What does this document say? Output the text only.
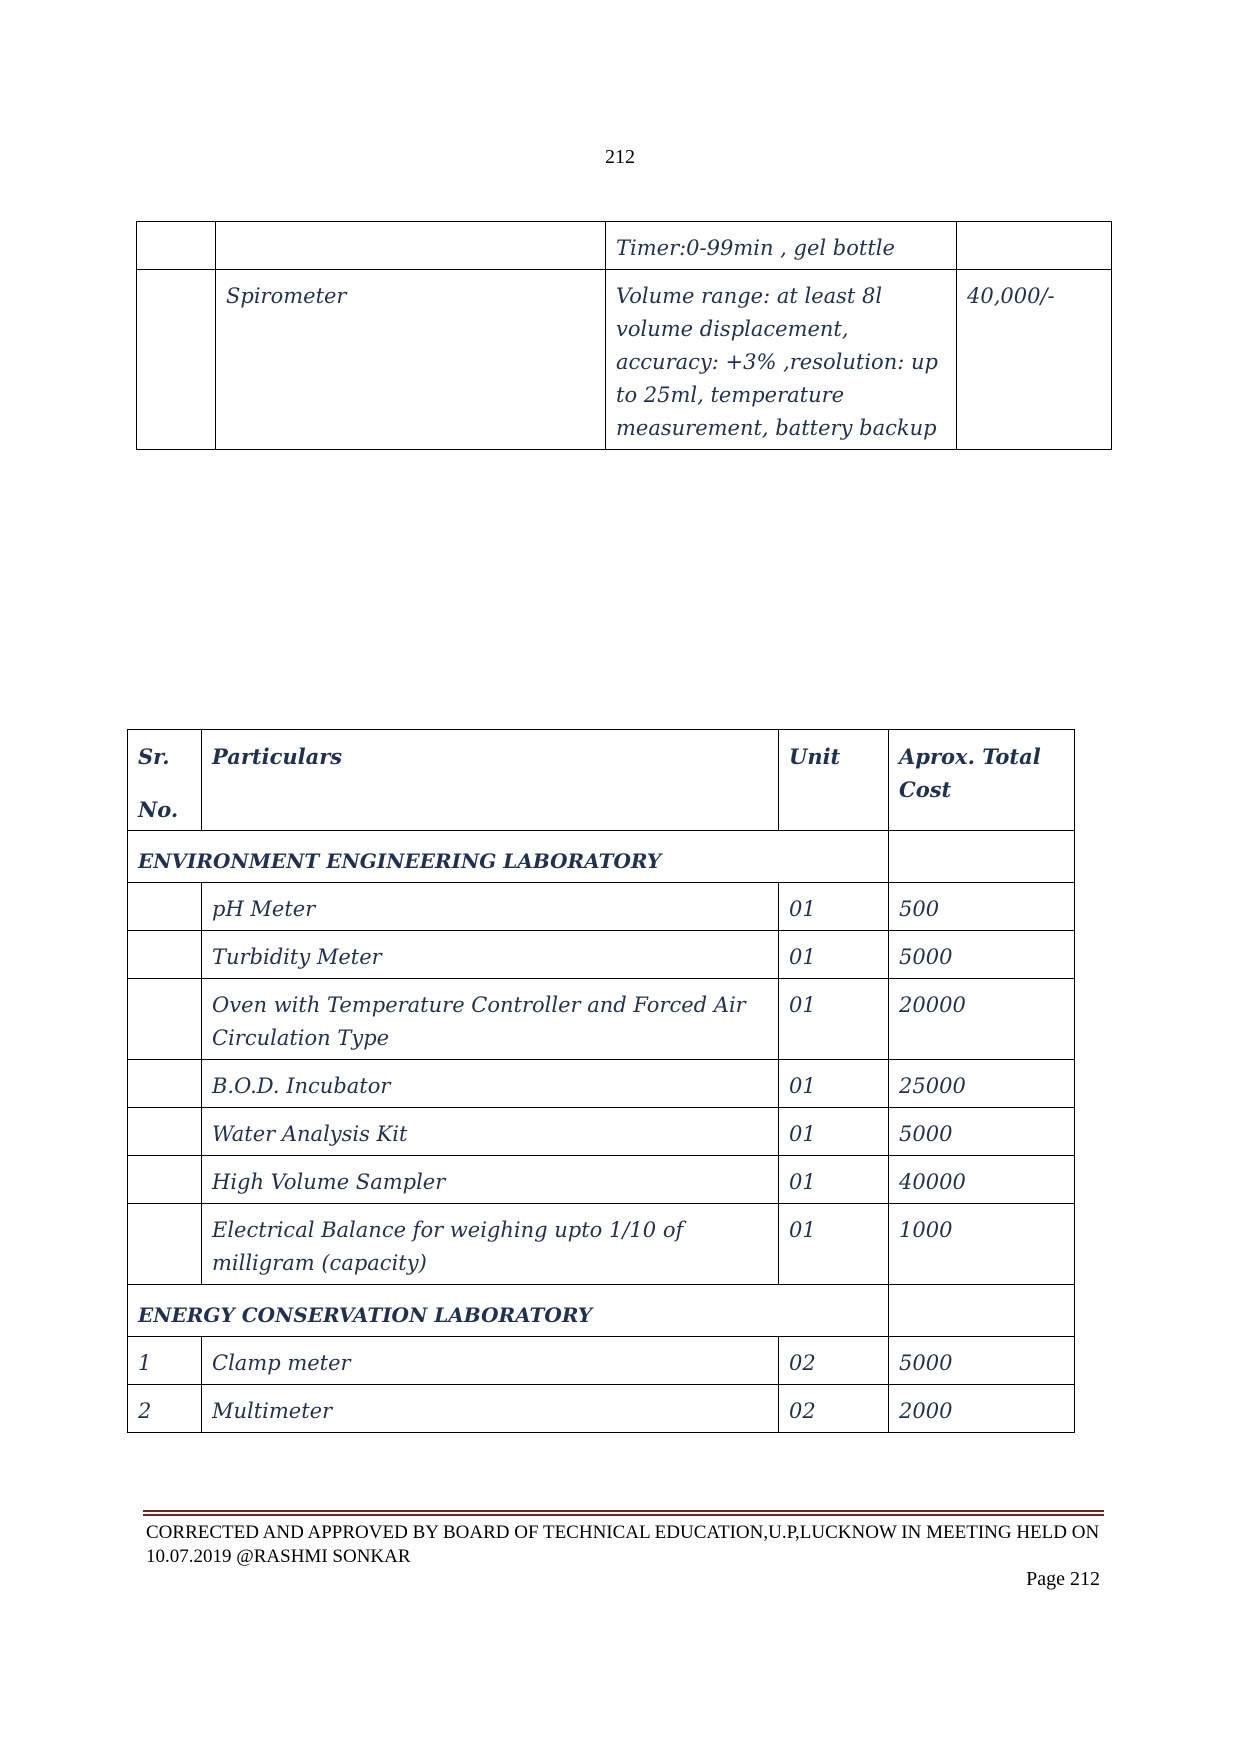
212
		Timer:0-99min , gel bottle	
	Spirometer	Volume range: at least 8l volume displacement, accuracy: +3% ,resolution: up to 25ml, temperature measurement, battery backup	40,000/-
Sr.
No.	Particulars	Unit	Aprox. Total Cost
ENVIRONMENT ENGINEERING LABORATORY			
	pH Meter	01	500
	Turbidity Meter	01	5000
	Oven with Temperature Controller and Forced Air Circulation Type	01	20000
	B.O.D. Incubator	01	25000
	Water Analysis Kit	01	5000
	High Volume Sampler	01	40000
	Electrical Balance for weighing upto 1/10 of milligram (capacity)	01	1000
ENERGY CONSERVATION LABORATORY			
1	Clamp meter	02	5000
2	Multimeter	02	2000
CORRECTED AND APPROVED BY BOARD OF TECHNICAL EDUCATION,U.P,LUCKNOW IN MEETING HELD ON
10.07.2019 @RASHMI SONKAR
Page 212
